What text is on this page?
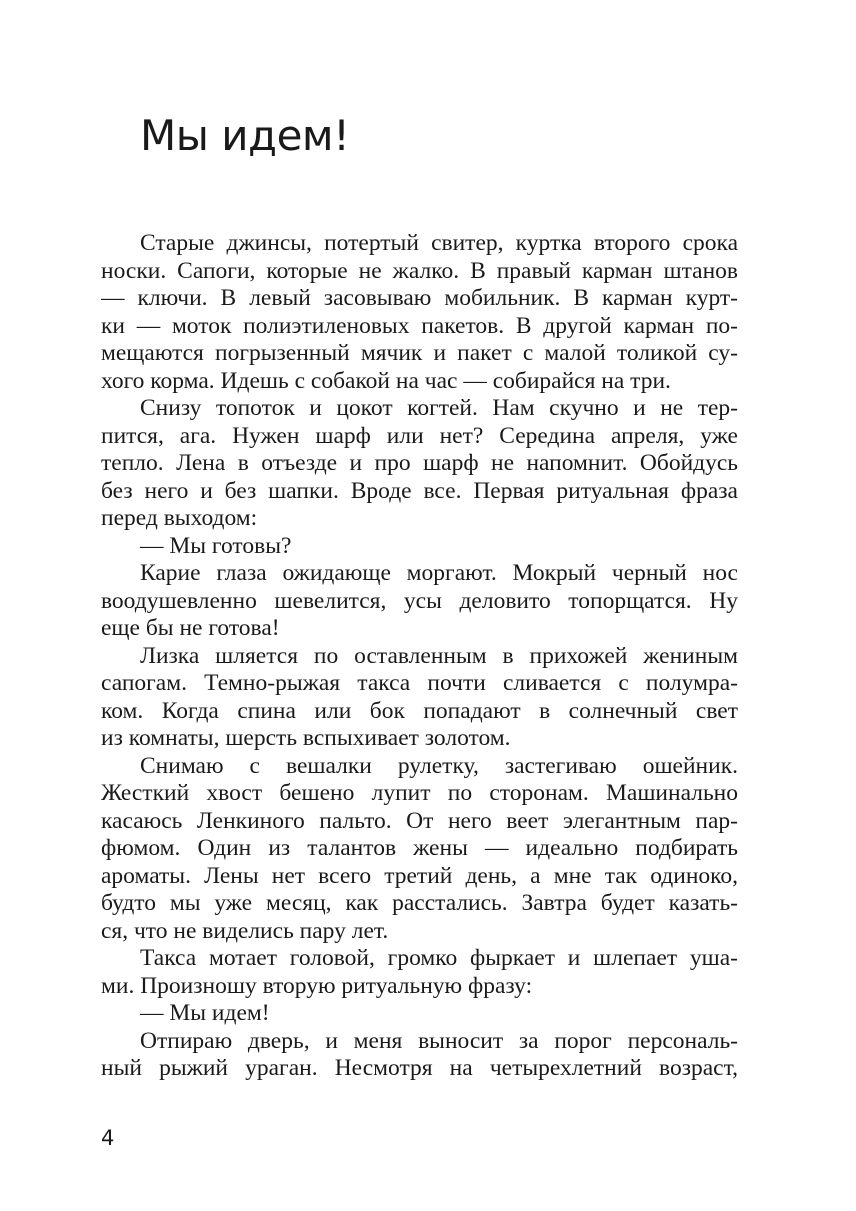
Мы идем!
Старые джинсы, потертый свитер, куртка второго срока
носки. Сапоги, которые не жалко. В правый карман штанов
–– ключи. В левый засовываю мобильник. В карман курт-
ки –– моток полиэтиленовых пакетов. В другой карман по-
мещаются погрызенный мячик и пакет с малой толикой су-
хого корма. Идешь с собакой на час — собирайся на три.
Снизу топоток и цокот когтей. Нам скучно и не тер-
пится, ага. Нужен шарф или нет? Середина апреля, уже
тепло. Лена в отъезде и про шарф не напомнит. Обойдусь
без него и без шапки. Вроде все. Первая ритуальная фраза
перед выходом:
— Мы готовы?
Карие глаза ожидающе моргают. Мокрый черный нос
воодушевленно шевелится, усы деловито топорщатся. Ну
еще бы не готова!
Лизка шляется по оставленным в прихожей жениным
сапогам. Темно-рыжая такса почти сливается с полумра-
ком. Когда спина или бок попадают в солнечный свет
из комнаты, шерсть вспыхивает золотом.
Снимаю с вешалки рулетку, застегиваю ошейник.
Жесткий хвост бешено лупит по сторонам. Машинально
касаюсь Ленкиного пальто. От него веет элегантным пар-
фюмом. Один из талантов жены — идеально подбирать
ароматы. Лены нет всего третий день, а мне так одиноко,
будто мы уже месяц, как расстались. Завтра будет казать-
ся, что не виделись пару лет.
Такса мотает головой, громко фыркает и шлепает уша-
ми. Произношу вторую ритуальную фразу:
— Мы идем!
Отпираю дверь, и меня выносит за порог персональ-
ный рыжий ураган. Несмотря на четырехлетний возраст,

4
